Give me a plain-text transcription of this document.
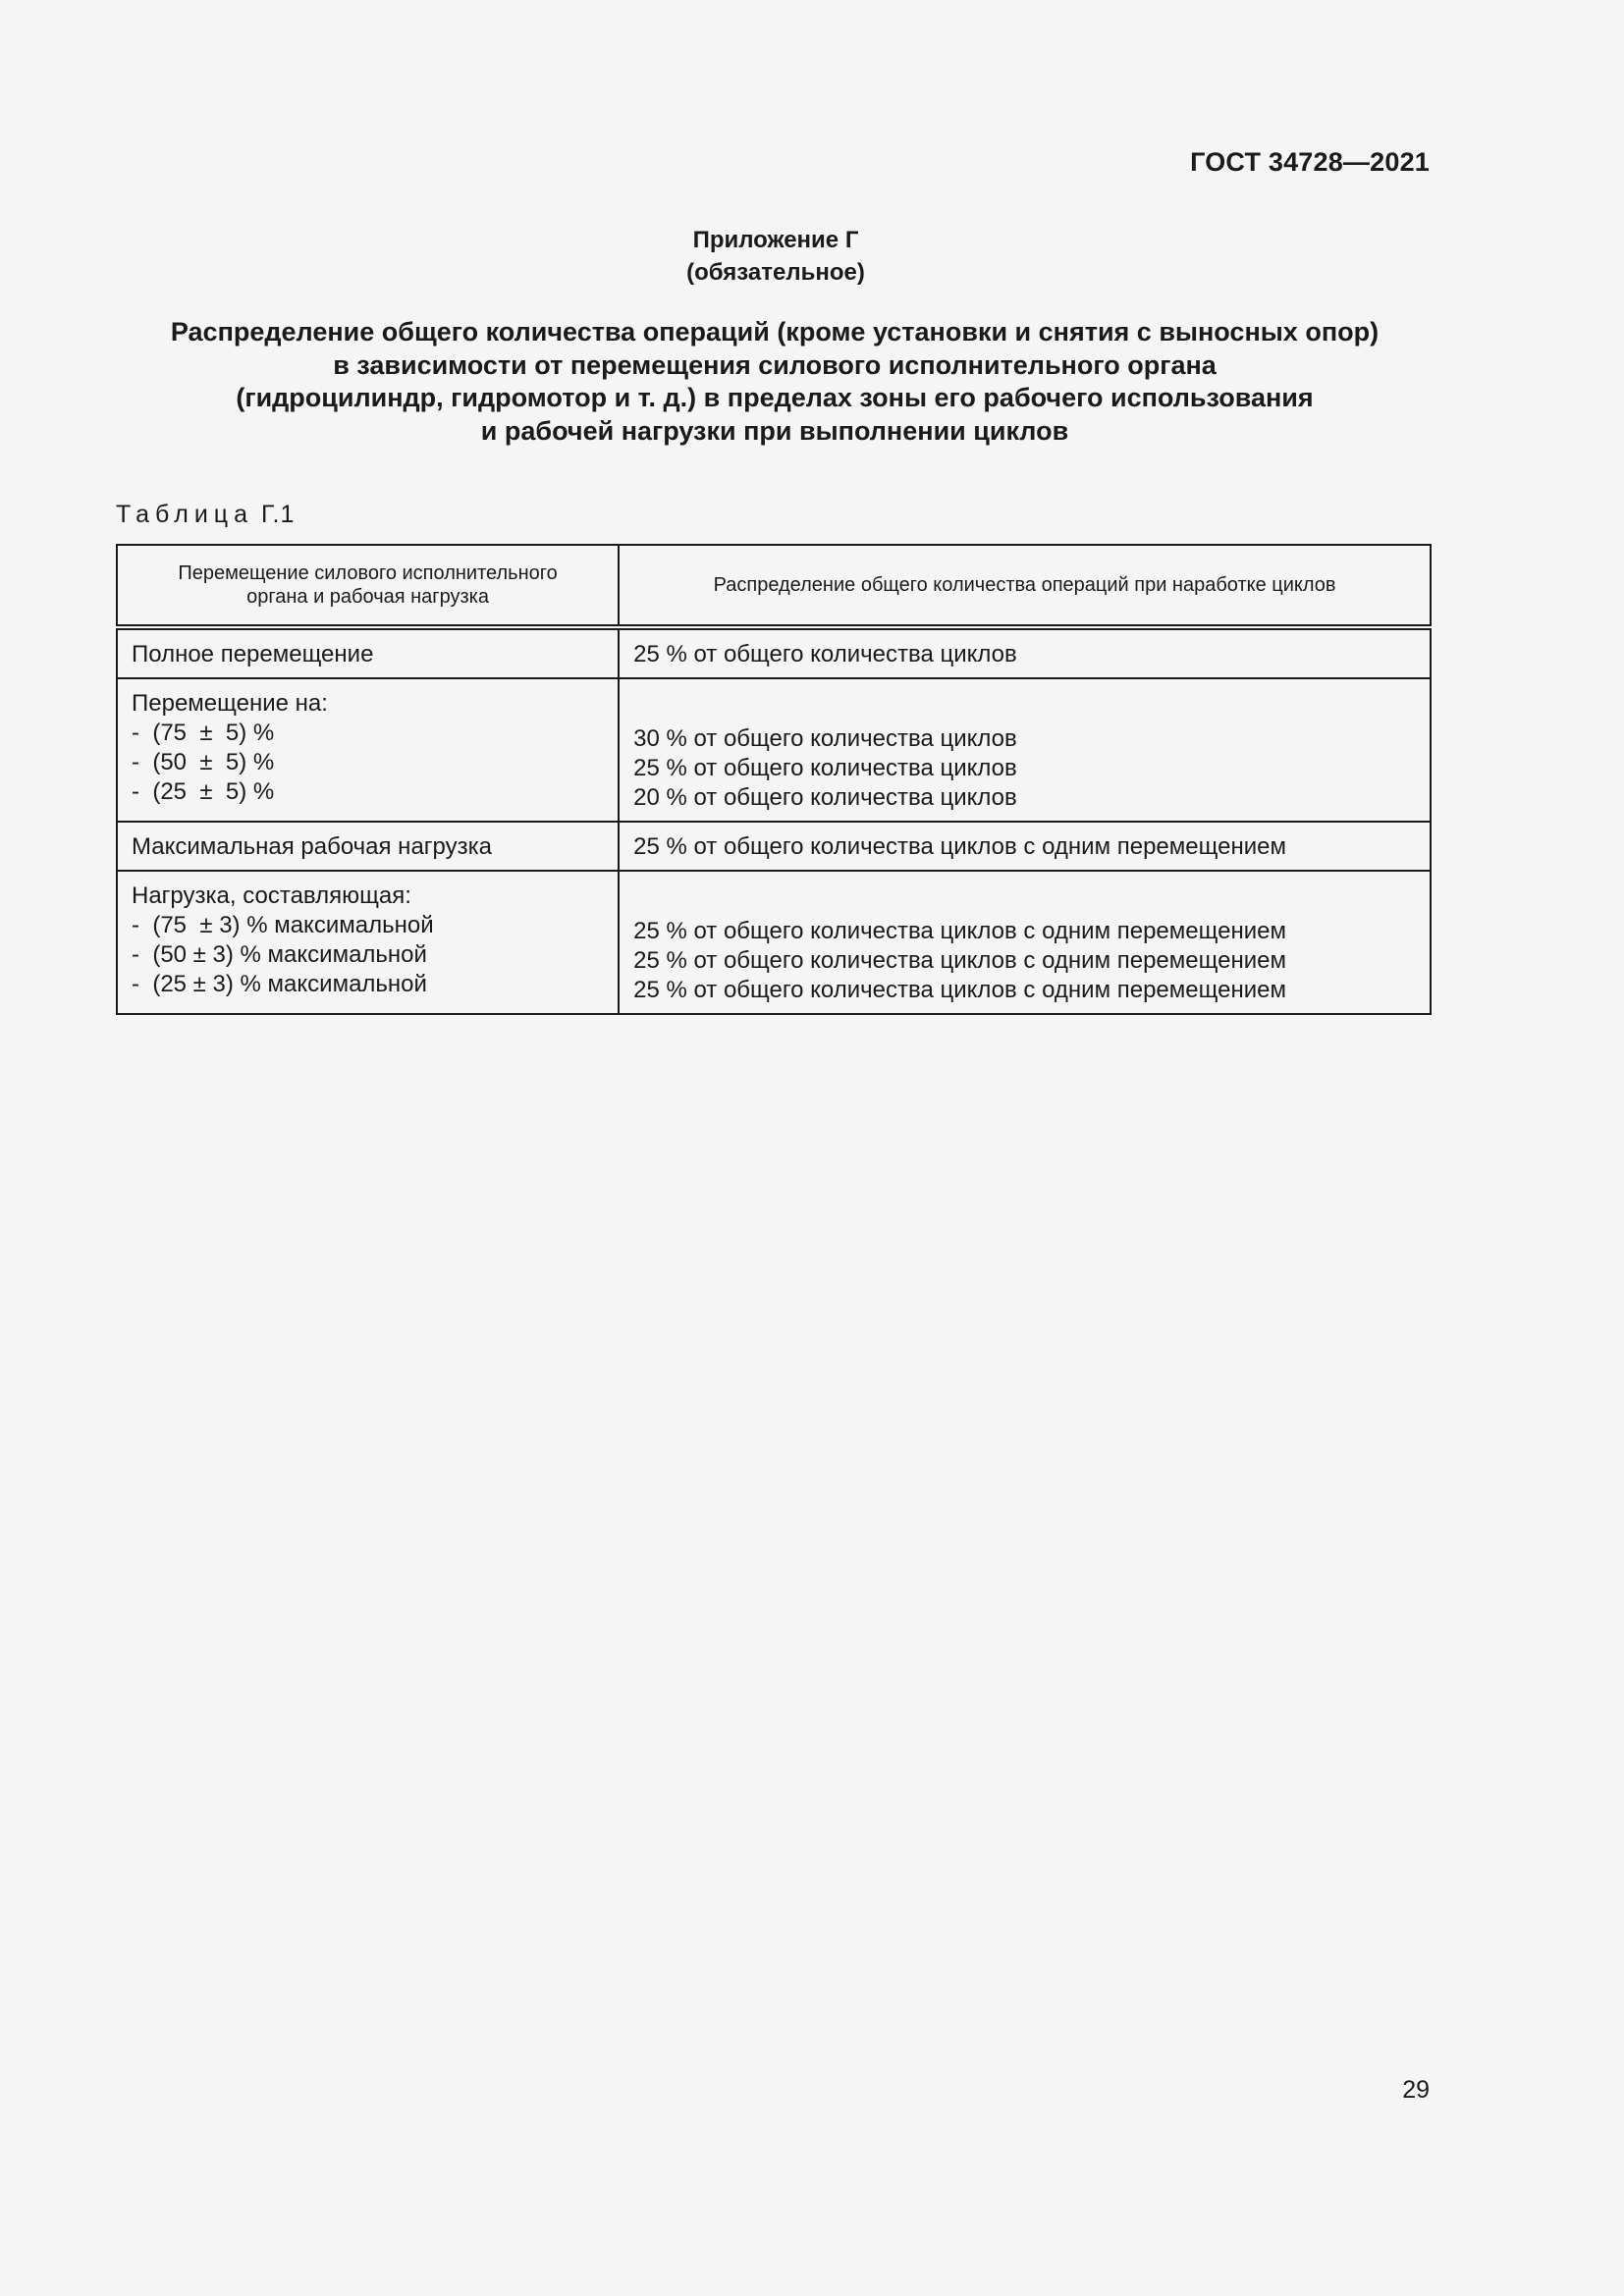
ГОСТ 34728—2021
Приложение Г
(обязательное)
Распределение общего количества операций (кроме установки и снятия с выносных опор)
в зависимости от перемещения силового исполнительного органа
(гидроцилиндр, гидромотор и т. д.) в пределах зоны его рабочего использования
и рабочей нагрузки при выполнении циклов
Таблица Г.1
Перемещение силового исполнительного
органа и рабочая нагрузка	Распределение общего количества операций при наработке циклов

Полное перемещение	25 % от общего количества циклов

Перемещение на:
-  (75  ±  5) %
-  (50  ±  5) %
-  (25  ±  5) %	30 % от общего количества циклов
25 % от общего количества циклов
20 % от общего количества циклов

Максимальная рабочая нагрузка	25 % от общего количества циклов с одним перемещением

Нагрузка, составляющая:
-  (75  ± 3) % максимальной
-  (50 ± 3) % максимальной
-  (25 ± 3) % максимальной	25 % от общего количества циклов с одним перемещением
25 % от общего количества циклов с одним перемещением
25 % от общего количества циклов с одним перемещением
29
